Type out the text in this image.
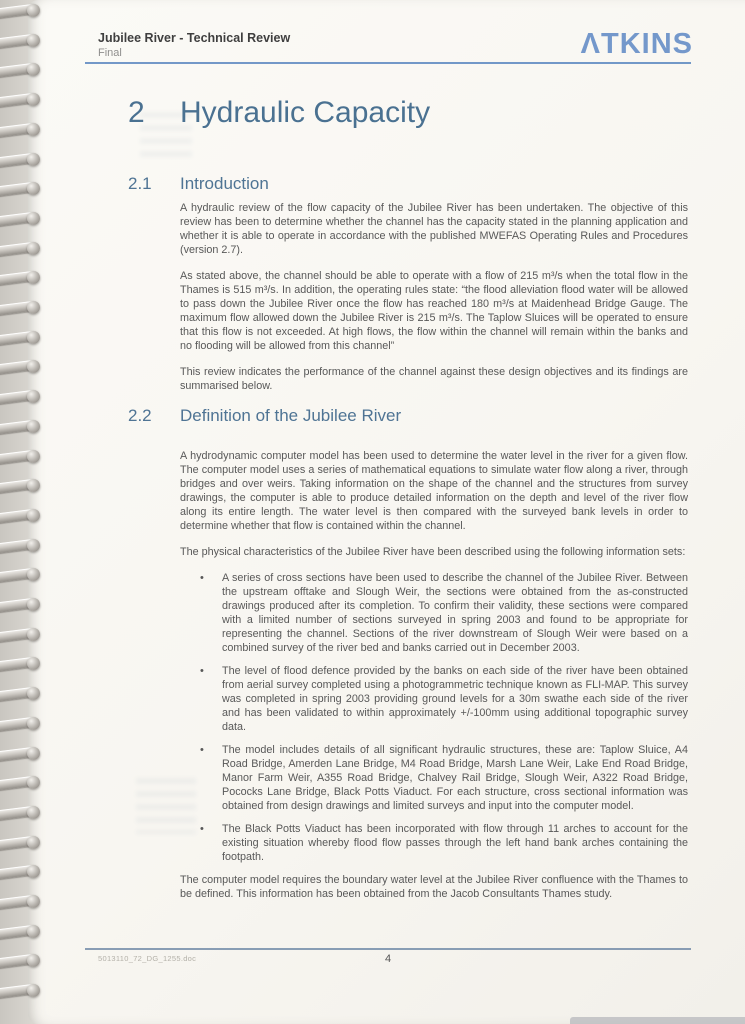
Jubilee River - Technical Review
Final	ΛTKINS
2	Hydraulic Capacity
2.1	Introduction

A hydraulic review of the flow capacity of the Jubilee River has been undertaken. The objective of this review has been to determine whether the channel has the capacity stated in the planning application and whether it is able to operate in accordance with the published MWEFAS Operating Rules and Procedures (version 2.7).

As stated above, the channel should be able to operate with a flow of 215 m³/s when the total flow in the Thames is 515 m³/s. In addition, the operating rules state: “the flood alleviation flood water will be allowed to pass down the Jubilee River once the flow has reached 180 m³/s at Maidenhead Bridge Gauge. The maximum flow allowed down the Jubilee River is 215 m³/s. The Taplow Sluices will be operated to ensure that this flow is not exceeded. At high flows, the flow within the channel will remain within the banks and no flooding will be allowed from this channel”

This review indicates the performance of the channel against these design objectives and its findings are summarised below.

2.2	Definition of the Jubilee River

A hydrodynamic computer model has been used to determine the water level in the river for a given flow. The computer model uses a series of mathematical equations to simulate water flow along a river, through bridges and over weirs. Taking information on the shape of the channel and the structures from survey drawings, the computer is able to produce detailed information on the depth and level of the river flow along its entire length. The water level is then compared with the surveyed bank levels in order to determine whether that flow is contained within the channel.

The physical characteristics of the Jubilee River have been described using the following information sets:

• A series of cross sections have been used to describe the channel of the Jubilee River. Between the upstream offtake and Slough Weir, the sections were obtained from the as-constructed drawings produced after its completion. To confirm their validity, these sections were compared with a limited number of sections surveyed in spring 2003 and found to be appropriate for representing the channel. Sections of the river downstream of Slough Weir were based on a combined survey of the river bed and banks carried out in December 2003.
• The level of flood defence provided by the banks on each side of the river have been obtained from aerial survey completed using a photogrammetric technique known as FLI-MAP. This survey was completed in spring 2003 providing ground levels for a 30m swathe each side of the river and has been validated to within approximately +/-100mm using additional topographic survey data.
• The model includes details of all significant hydraulic structures, these are: Taplow Sluice, A4 Road Bridge, Amerden Lane Bridge, M4 Road Bridge, Marsh Lane Weir, Lake End Road Bridge, Manor Farm Weir, A355 Road Bridge, Chalvey Rail Bridge, Slough Weir, A322 Road Bridge, Pococks Lane Bridge, Black Potts Viaduct. For each structure, cross sectional information was obtained from design drawings and limited surveys and input into the computer model.
• The Black Potts Viaduct has been incorporated with flow through 11 arches to account for the existing situation whereby flood flow passes through the left hand bank arches containing the footpath.

The computer model requires the boundary water level at the Jubilee River confluence with the Thames to be defined. This information has been obtained from the Jacob Consultants Thames study.

5013110_72_DG_1255.doc	4
